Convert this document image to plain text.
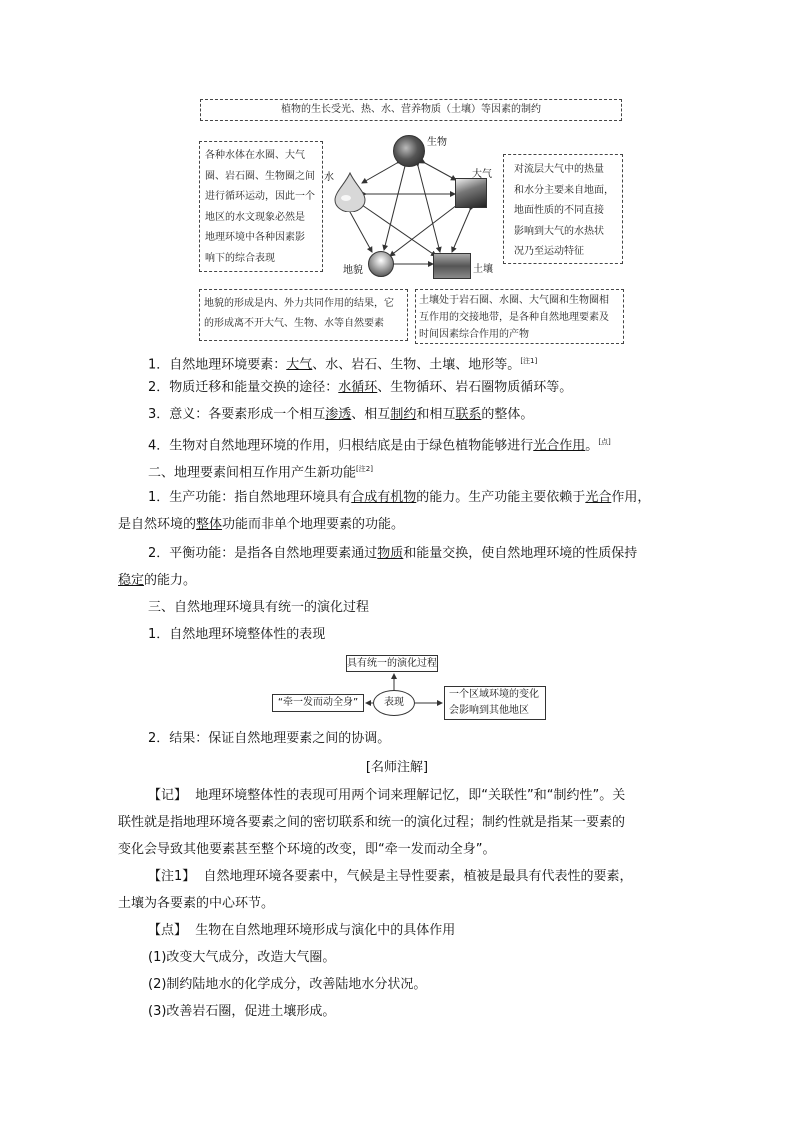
植物的生长受光、热、水、营养物质（土壤）等因素的制约
各种水体在水圈、大气
圈、岩石圈、生物圈之间
进行循环运动，因此一个
地区的水文现象必然是
地理环境中各种因素影
响下的综合表现
对流层大气中的热量
和水分主要来自地面，
地面性质的不同直接
影响到大气的水热状
况乃至运动特征
地貌的形成是内、外力共同作用的结果，它
的形成离不开大气、生物、水等自然要素
土壤处于岩石圈、水圈、大气圈和生物圈相
互作用的交接地带，是各种自然地理要素及
时间因素综合作用的产物
生物
水	大气
地貌	土壤
1．自然地理环境要素：大气、水、岩石、生物、土壤、地形等。[注1]
2．物质迁移和能量交换的途径：水循环、生物循环、岩石圈物质循环等。
3．意义：各要素形成一个相互渗透、相互制约和相互联系的整体。
4．生物对自然地理环境的作用，归根结底是由于绿色植物能够进行光合作用。[点]
二、地理要素间相互作用产生新功能[注2]
1．生产功能：指自然地理环境具有合成有机物的能力。生产功能主要依赖于光合作用，
是自然环境的整体功能而非单个地理要素的功能。
2．平衡功能：是指各自然地理要素通过物质和能量交换，使自然地理环境的性质保持
稳定的能力。
三、自然地理环境具有统一的演化过程
1．自然地理环境整体性的表现
具有统一的演化过程
“牵一发而动全身”	表现
一个区域环境的变化
会影响到其他地区
2．结果：保证自然地理要素之间的协调。
[名师注解]
【记】 地理环境整体性的表现可用两个词来理解记忆，即“关联性”和“制约性”。关
联性就是指地理环境各要素之间的密切联系和统一的演化过程；制约性就是指某一要素的
变化会导致其他要素甚至整个环境的改变，即“牵一发而动全身”。
【注1】 自然地理环境各要素中，气候是主导性要素，植被是最具有代表性的要素，
土壤为各要素的中心环节。
【点】 生物在自然地理环境形成与演化中的具体作用
(1)改变大气成分，改造大气圈。
(2)制约陆地水的化学成分，改善陆地水分状况。
(3)改善岩石圈，促进土壤形成。
